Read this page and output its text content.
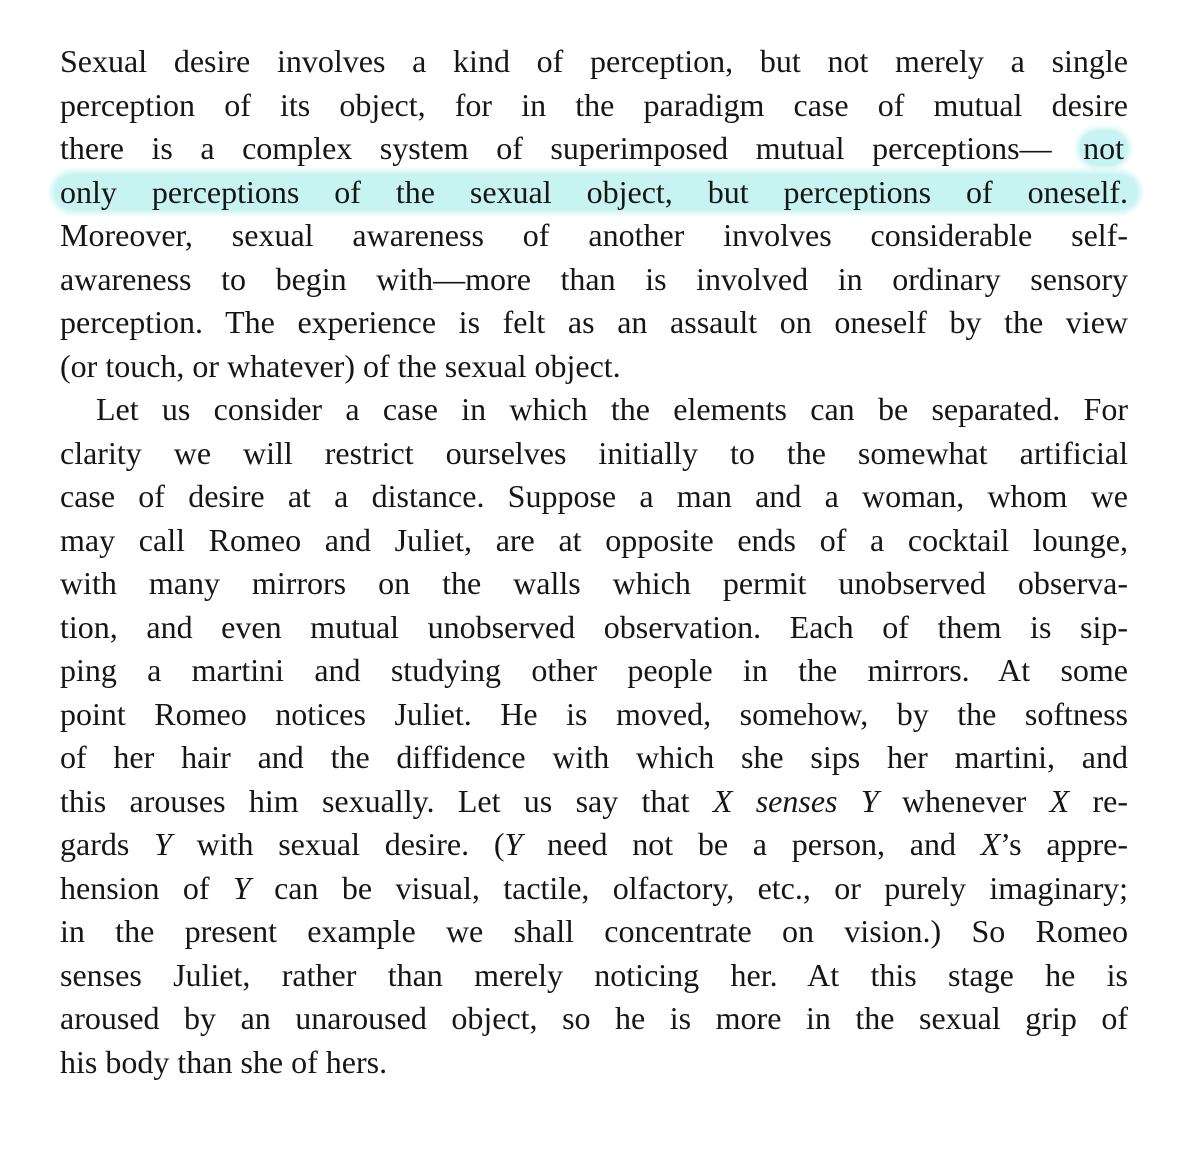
Sexual desire involves a kind of perception, but not merely a single
perception of its object, for in the paradigm case of mutual desire
there is a complex system of superimposed mutual perceptions— not
only perceptions of the sexual object, but perceptions of oneself.
Moreover, sexual awareness of another involves considerable self-
awareness to begin with—more than is involved in ordinary sensory
perception. The experience is felt as an assault on oneself by the view
(or touch, or whatever) of the sexual object.
Let us consider a case in which the elements can be separated. For
clarity we will restrict ourselves initially to the somewhat artificial
case of desire at a distance. Suppose a man and a woman, whom we
may call Romeo and Juliet, are at opposite ends of a cocktail lounge,
with many mirrors on the walls which permit unobserved observa-
tion, and even mutual unobserved observation. Each of them is sip-
ping a martini and studying other people in the mirrors. At some
point Romeo notices Juliet. He is moved, somehow, by the softness
of her hair and the diffidence with which she sips her martini, and
this arouses him sexually. Let us say that X senses Y whenever X re-
gards Y with sexual desire. (Y need not be a person, and X’s appre-
hension of Y can be visual, tactile, olfactory, etc., or purely imaginary;
in the present example we shall concentrate on vision.) So Romeo
senses Juliet, rather than merely noticing her. At this stage he is
aroused by an unaroused object, so he is more in the sexual grip of
his body than she of hers.
